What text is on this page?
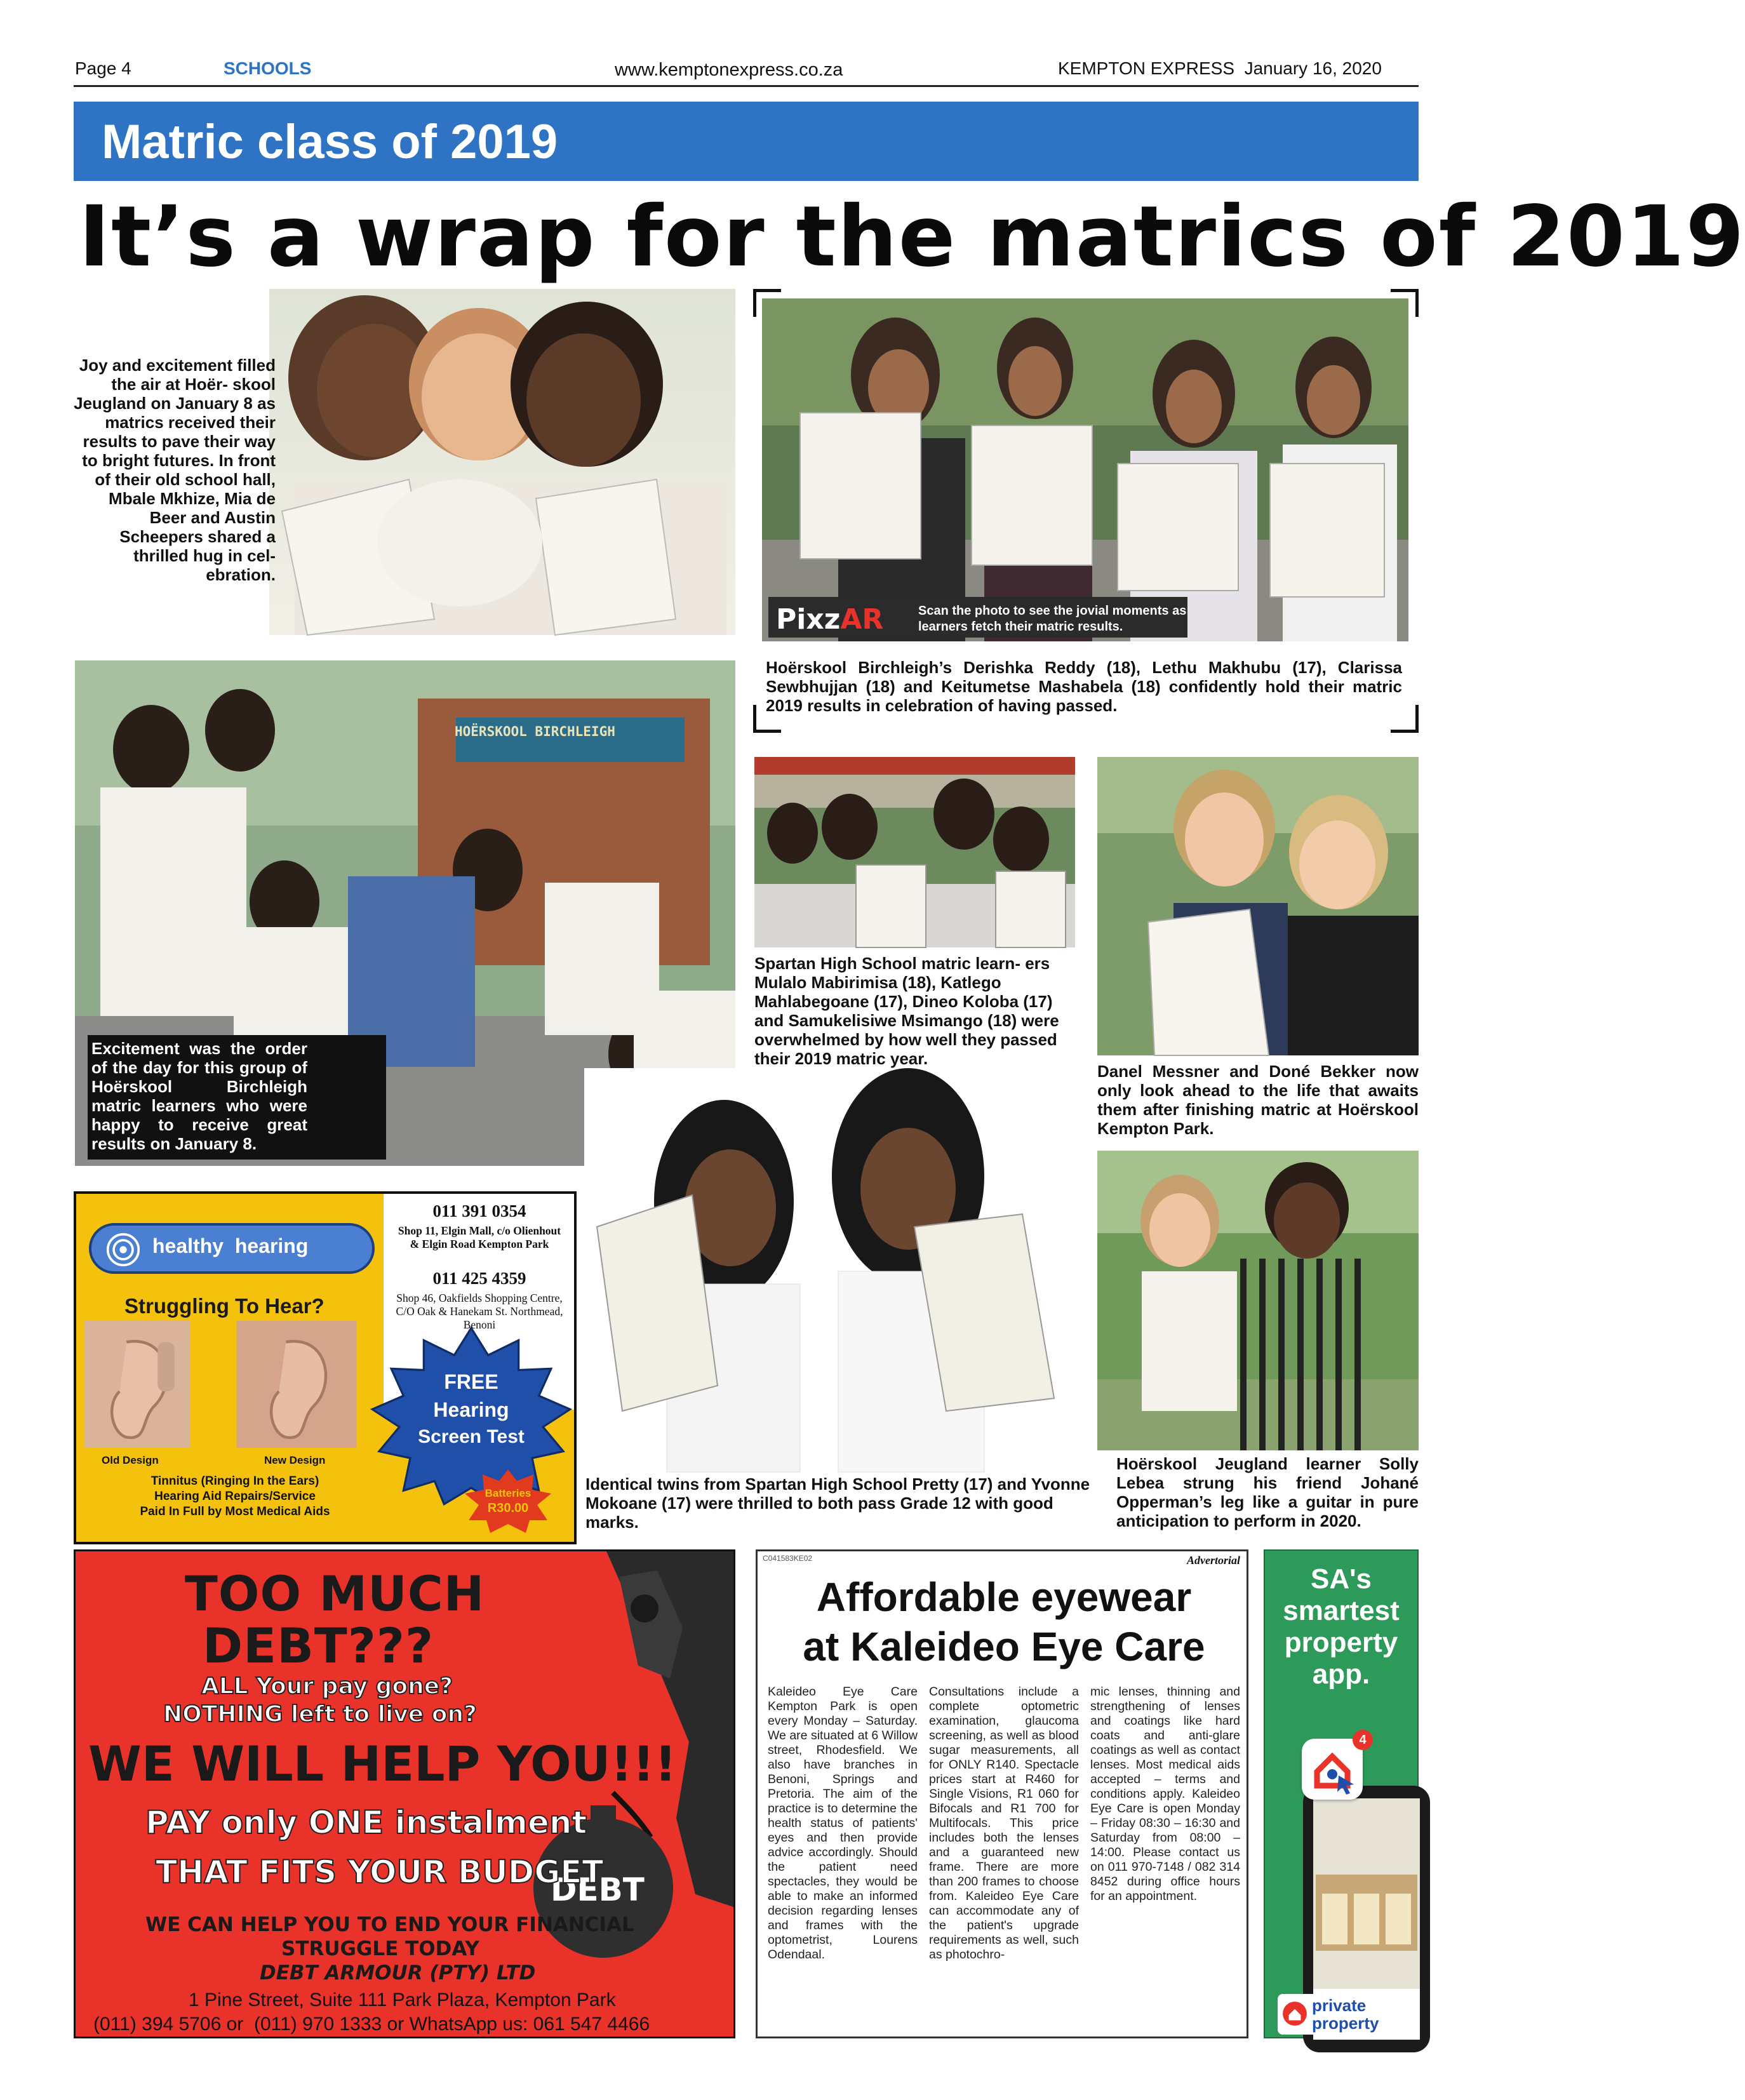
Page 4	SCHOOLS	www.kemptonexpress.co.za	KEMPTON EXPRESS  January 16, 2020
Matric class of 2019
It’s a wrap for the matrics of 2019
Joy and excitement filled the air at Hoër- skool Jeugland on January 8 as matrics received their results to pave their way to bright futures. In front of their old school hall, Mbale Mkhize, Mia de Beer and Austin Scheepers shared a thrilled hug in cel- ebration.
PixzAR	Scan the photo to see the jovial moments as learners fetch their matric results.
Hoërskool Birchleigh’s Derishka Reddy (18), Lethu Makhubu (17), Clarissa Sewbhujjan (18) and Keitumetse Mashabela (18) confidently hold their matric 2019 results in celebration of having passed.
HOËRSKOOL BIRCHLEIGH
Excitement was the order of the day for this group of Hoërskool Birchleigh matric learners who were happy to receive great results on January 8.
Spartan High School matric learn- ers Mulalo Mabirimisa (18), Katlego Mahlabegoane (17), Dineo Koloba (17) and Samukelisiwe Msimango (18) were overwhelmed by how well they passed their 2019 matric year.
Danel Messner and Doné Bekker now only look ahead to the life that awaits them after finishing matric at Hoërskool Kempton Park.
Identical twins from Spartan High School Pretty (17) and Yvonne Mokoane (17) were thrilled to both pass Grade 12 with good marks.
Hoërskool Jeugland learner Solly Lebea strung his friend Johané Opperman’s leg like a guitar in pure anticipation to perform in 2020.
healthy  hearing
Struggling To Hear?
011 391 0354
Shop 11, Elgin Mall, c/o Olienhout & Elgin Road Kempton Park
011 425 4359
Shop 46, Oakfields Shopping Centre, C/O Oak & Hanekam St. Northmead, Benoni
FREE
Hearing
Screen Test
Old Design	New Design
Tinnitus (Ringing In the Ears)
Hearing Aid Repairs/Service
Paid In Full by Most Medical Aids
Batteries
R30.00
DEBT
TOO MUCH
DEBT???
ALL Your pay gone?
NOTHING left to live on?
WE WILL HELP YOU!!!
PAY only ONE instalment
THAT FITS YOUR BUDGET
WE CAN HELP YOU TO END YOUR FINANCIAL
STRUGGLE TODAY
DEBT ARMOUR (PTY) LTD
1 Pine Street, Suite 111 Park Plaza, Kempton Park
(011) 394 5706 or  (011) 970 1333 or WhatsApp us: 061 547 4466
C041583KE02	Advertorial
Affordable eyewear
at Kaleideo Eye Care
Kaleideo Eye Care Kempton Park is open every Monday – Saturday. We are situated at 6 Willow street, Rhodesfield. We also have branches in Benoni, Springs and Pretoria. The aim of the practice is to determine the health status of patients' eyes and then provide advice accordingly. Should the patient need spectacles, they would be able to make an informed decision regarding lenses and frames with the optometrist, Lourens Odendaal.
Consultations include a complete optometric examination, glaucoma screening, as well as blood sugar measurements, all for ONLY R140. Spectacle prices start at R460 for Single Visions, R1 060 for Bifocals and R1 700 for Multifocals. This price includes both the lenses and a guaranteed new frame. There are more than 200 frames to choose from. Kaleideo Eye Care can accommodate any of the patient's upgrade requirements as well, such as photochro-
mic lenses, thinning and strengthening of lenses and coatings like hard coats and anti-glare coatings as well as contact lenses. Most medical aids accepted – terms and conditions apply. Kaleideo Eye Care is open Monday – Friday 08:30 – 16:30 and Saturday from 08:00 – 14:00. Please contact us on 011 970-7148 / 082 314 8452 during office hours for an appointment.
SA's
smartest
property
app.
4
private
property
